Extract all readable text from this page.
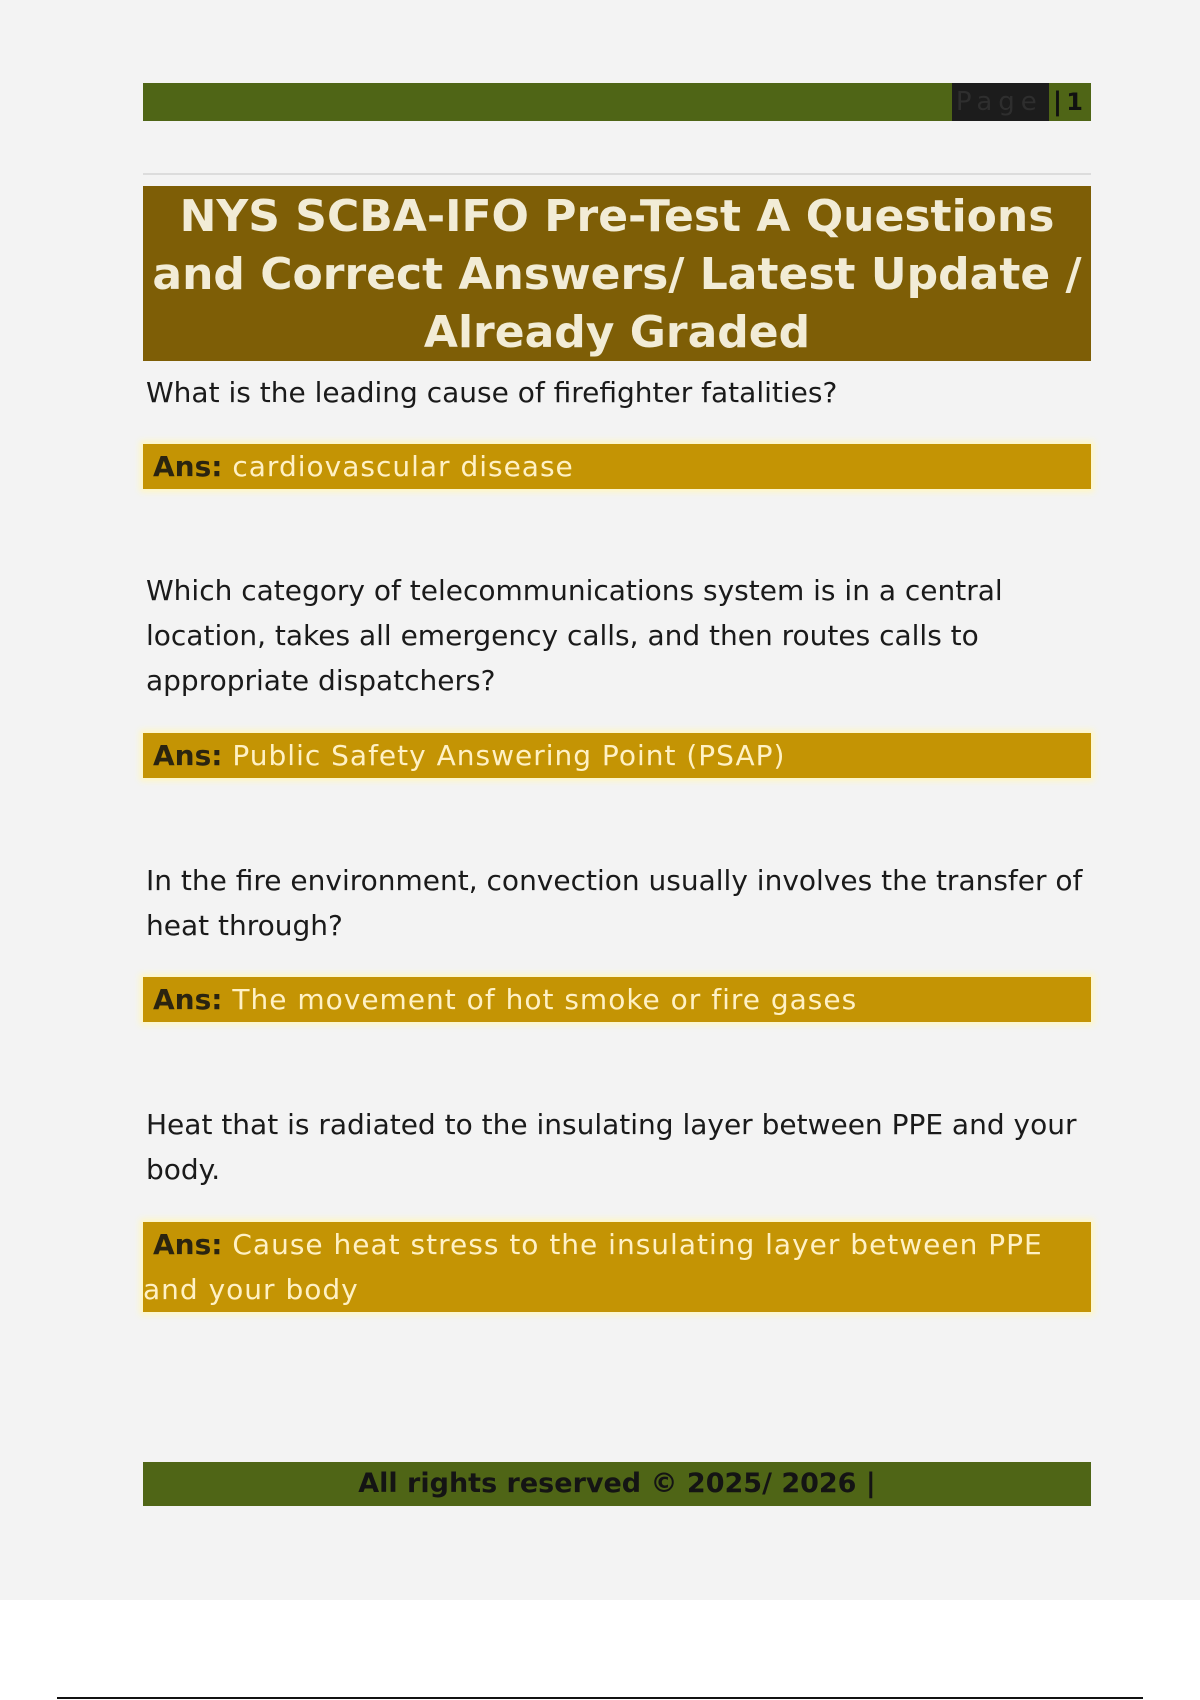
Page | 1
NYS SCBA-IFO Pre-Test A Questions and Correct Answers/ Latest Update / Already Graded
What is the leading cause of firefighter fatalities?
Ans: cardiovascular disease
Which category of telecommunications system is in a central location, takes all emergency calls, and then routes calls to appropriate dispatchers?
Ans: Public Safety Answering Point (PSAP)
In the fire environment, convection usually involves the transfer of heat through?
Ans: The movement of hot smoke or fire gases
Heat that is radiated to the insulating layer between PPE and your body.
Ans: Cause heat stress to the insulating layer between PPE and your body
All rights reserved © 2025/ 2026 |
